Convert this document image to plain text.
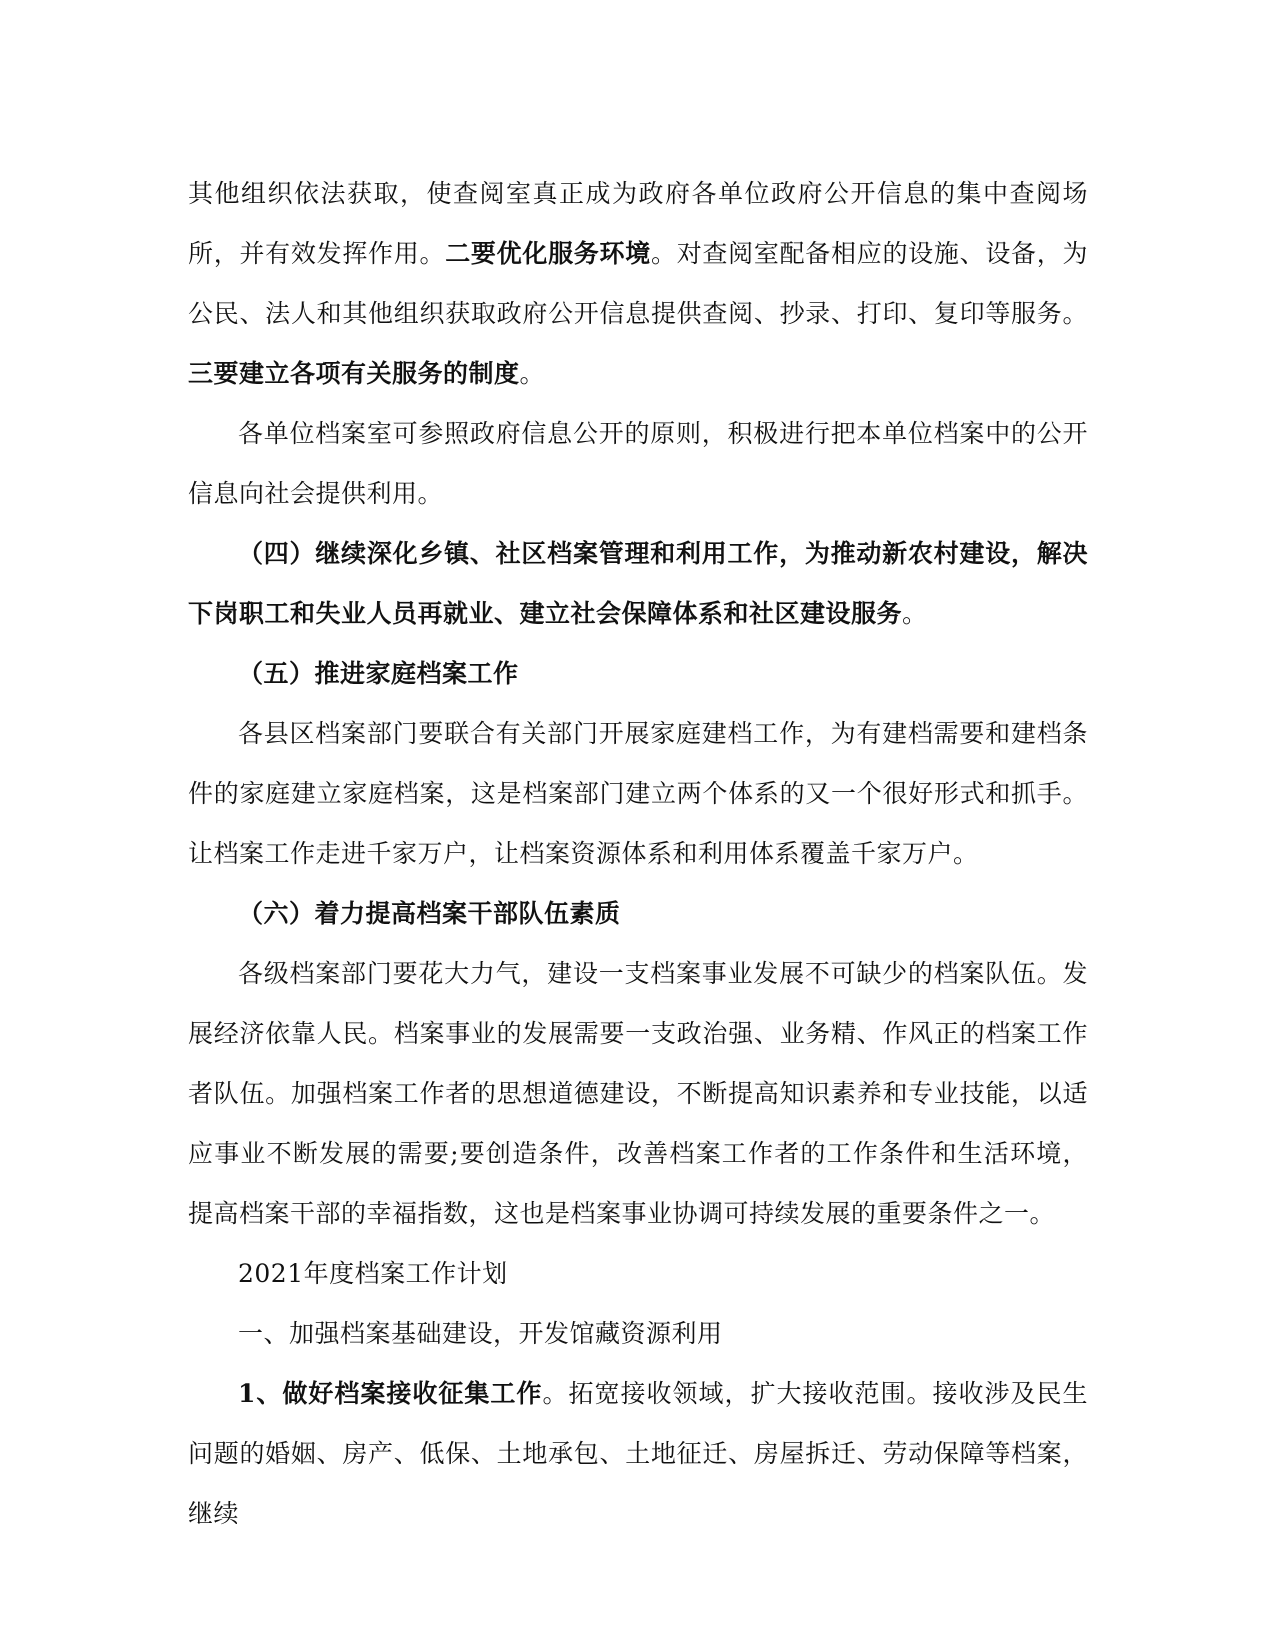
其他组织依法获取，使查阅室真正成为政府各单位政府公开信息的集中查阅场所，并有效发挥作用。二要优化服务环境。对查阅室配备相应的设施、设备，为公民、法人和其他组织获取政府公开信息提供查阅、抄录、打印、复印等服务。三要建立各项有关服务的制度。

各单位档案室可参照政府信息公开的原则，积极进行把本单位档案中的公开信息向社会提供利用。

（四）继续深化乡镇、社区档案管理和利用工作，为推动新农村建设，解决下岗职工和失业人员再就业、建立社会保障体系和社区建设服务。

（五）推进家庭档案工作

各县区档案部门要联合有关部门开展家庭建档工作，为有建档需要和建档条件的家庭建立家庭档案，这是档案部门建立两个体系的又一个很好形式和抓手。让档案工作走进千家万户，让档案资源体系和利用体系覆盖千家万户。

（六）着力提高档案干部队伍素质

各级档案部门要花大力气，建设一支档案事业发展不可缺少的档案队伍。发展经济依靠人民。档案事业的发展需要一支政治强、业务精、作风正的档案工作者队伍。加强档案工作者的思想道德建设，不断提高知识素养和专业技能，以适应事业不断发展的需要;要创造条件，改善档案工作者的工作条件和生活环境，提高档案干部的幸福指数，这也是档案事业协调可持续发展的重要条件之一。

2021年度档案工作计划

一、加强档案基础建设，开发馆藏资源利用

1、做好档案接收征集工作。拓宽接收领域，扩大接收范围。接收涉及民生问题的婚姻、房产、低保、土地承包、土地征迁、房屋拆迁、劳动保障等档案，继续
